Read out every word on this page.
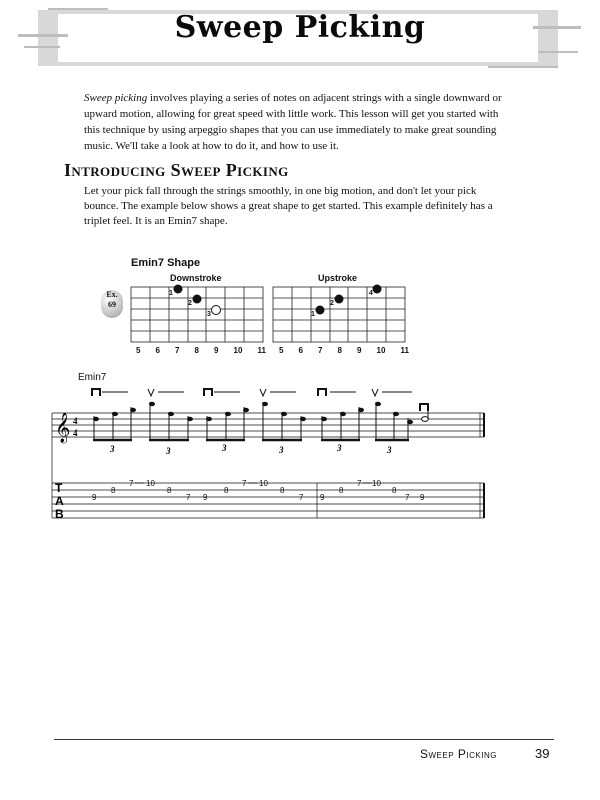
Sweep Picking
Sweep picking involves playing a series of notes on adjacent strings with a single downward or upward motion, allowing for great speed with little work. This lesson will get you started with this technique by using arpeggio shapes that you can use immediately to make great sounding music. We'll take a look at how to do it, and how to use it.
Introducing Sweep Picking
Let your pick fall through the strings smoothly, in one big motion, and don't let your pick bounce. The example below shows a great shape to get started. This example definitely has a triplet feel. It is an Emin7 shape.
Emin7 Shape
Downstroke	Upstroke
Ex.
69
𝄞 4
4
T
A
B
9
8
7 10
8
7 9
8
7 10
8
7 9
8
7 10
8
7 9
3	3	3	3	3	3
5 6 7 8 9 10 11 5 6 7 8 9 10 11
1
2
3	1
2
4
Emin7
Sweep Picking	39
